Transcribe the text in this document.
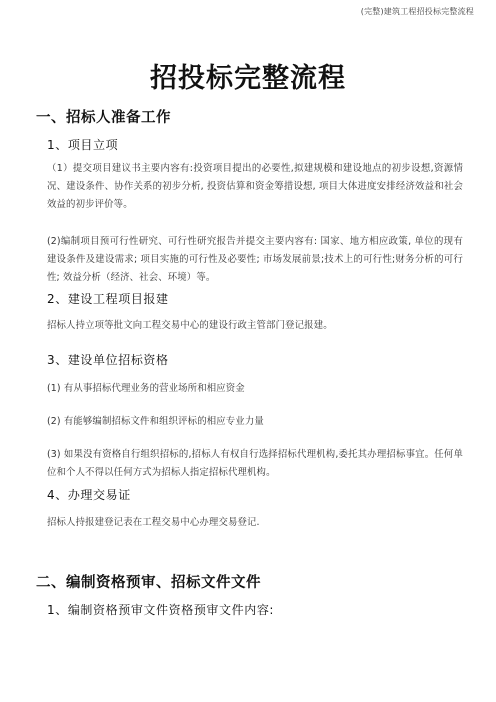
(完整)建筑工程招投标完整流程
招投标完整流程
一、招标人准备工作
1、项目立项
（1）提交项目建议书主要内容有:投资项目提出的必要性,拟建规模和建设地点的初步设想,资源情况、建设条件、协作关系的初步分析, 投资估算和资金筹措设想, 项目大体进度安排经济效益和社会效益的初步评价等。
(2)编制项目预可行性研究、可行性研究报告并提交主要内容有: 国家、地方相应政策, 单位的现有建设条件及建设需求; 项目实施的可行性及必要性; 市场发展前景;技术上的可行性;财务分析的可行性; 效益分析（经济、社会、环境）等。
2、建设工程项目报建
招标人持立项等批文向工程交易中心的建设行政主管部门登记报建。
3、建设单位招标资格
(1) 有从事招标代理业务的营业场所和相应资金
(2) 有能够编制招标文件和组织评标的相应专业力量
(3) 如果没有资格自行组织招标的,招标人有权自行选择招标代理机构,委托其办理招标事宜。任何单位和个人不得以任何方式为招标人指定招标代理机构。
4、办理交易证
招标人持报建登记表在工程交易中心办理交易登记.
二、编制资格预审、招标文件文件
1、编制资格预审文件资格预审文件内容:
